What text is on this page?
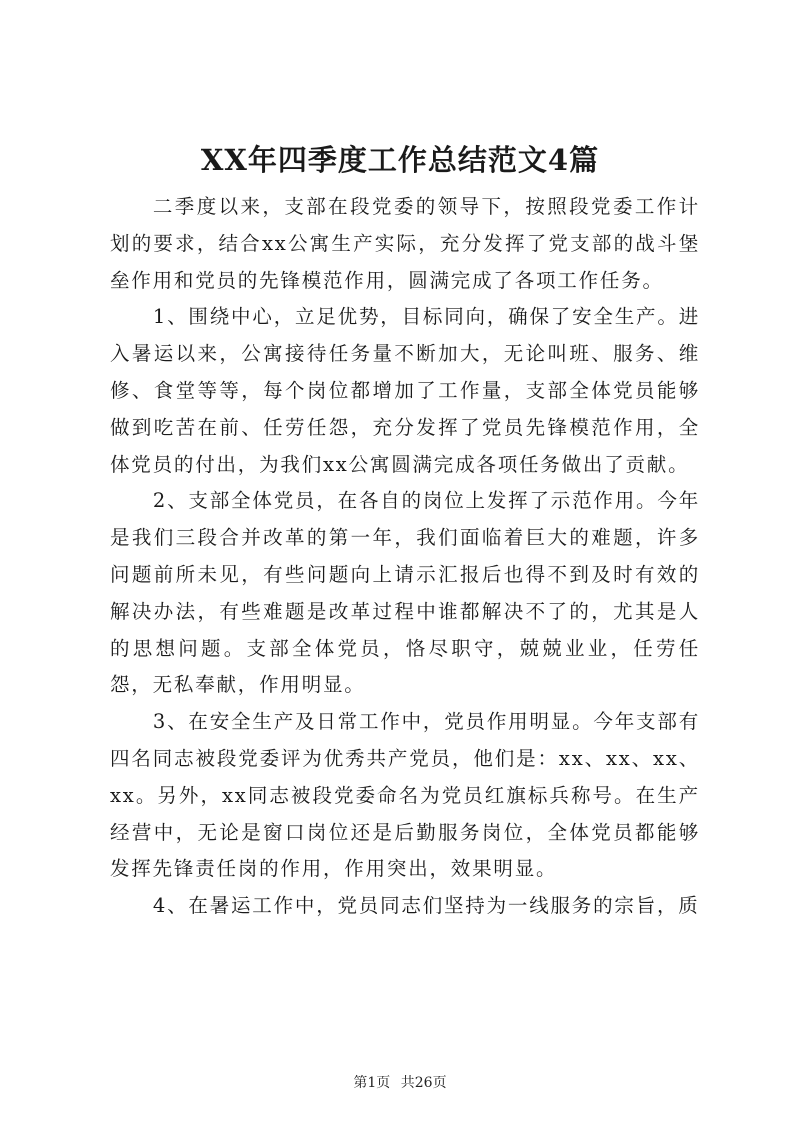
XX年四季度工作总结范文4篇

二季度以来，支部在段党委的领导下，按照段党委工作计划的要求，结合xx公寓生产实际，充分发挥了党支部的战斗堡垒作用和党员的先锋模范作用，圆满完成了各项工作任务。

1、围绕中心，立足优势，目标同向，确保了安全生产。进入暑运以来，公寓接待任务量不断加大，无论叫班、服务、维修、食堂等等，每个岗位都增加了工作量，支部全体党员能够做到吃苦在前、任劳任怨，充分发挥了党员先锋模范作用，全体党员的付出，为我们xx公寓圆满完成各项任务做出了贡献。

2、支部全体党员，在各自的岗位上发挥了示范作用。今年是我们三段合并改革的第一年，我们面临着巨大的难题，许多问题前所未见，有些问题向上请示汇报后也得不到及时有效的解决办法，有些难题是改革过程中谁都解决不了的，尤其是人的思想问题。支部全体党员，恪尽职守，兢兢业业，任劳任怨，无私奉献，作用明显。

3、在安全生产及日常工作中，党员作用明显。今年支部有四名同志被段党委评为优秀共产党员，他们是：xx、xx、xx、xx。另外，xx同志被段党委命名为党员红旗标兵称号。在生产经营中，无论是窗口岗位还是后勤服务岗位，全体党员都能够发挥先锋责任岗的作用，作用突出，效果明显。

4、在暑运工作中，党员同志们坚持为一线服务的宗旨，质

第1页 共26页
